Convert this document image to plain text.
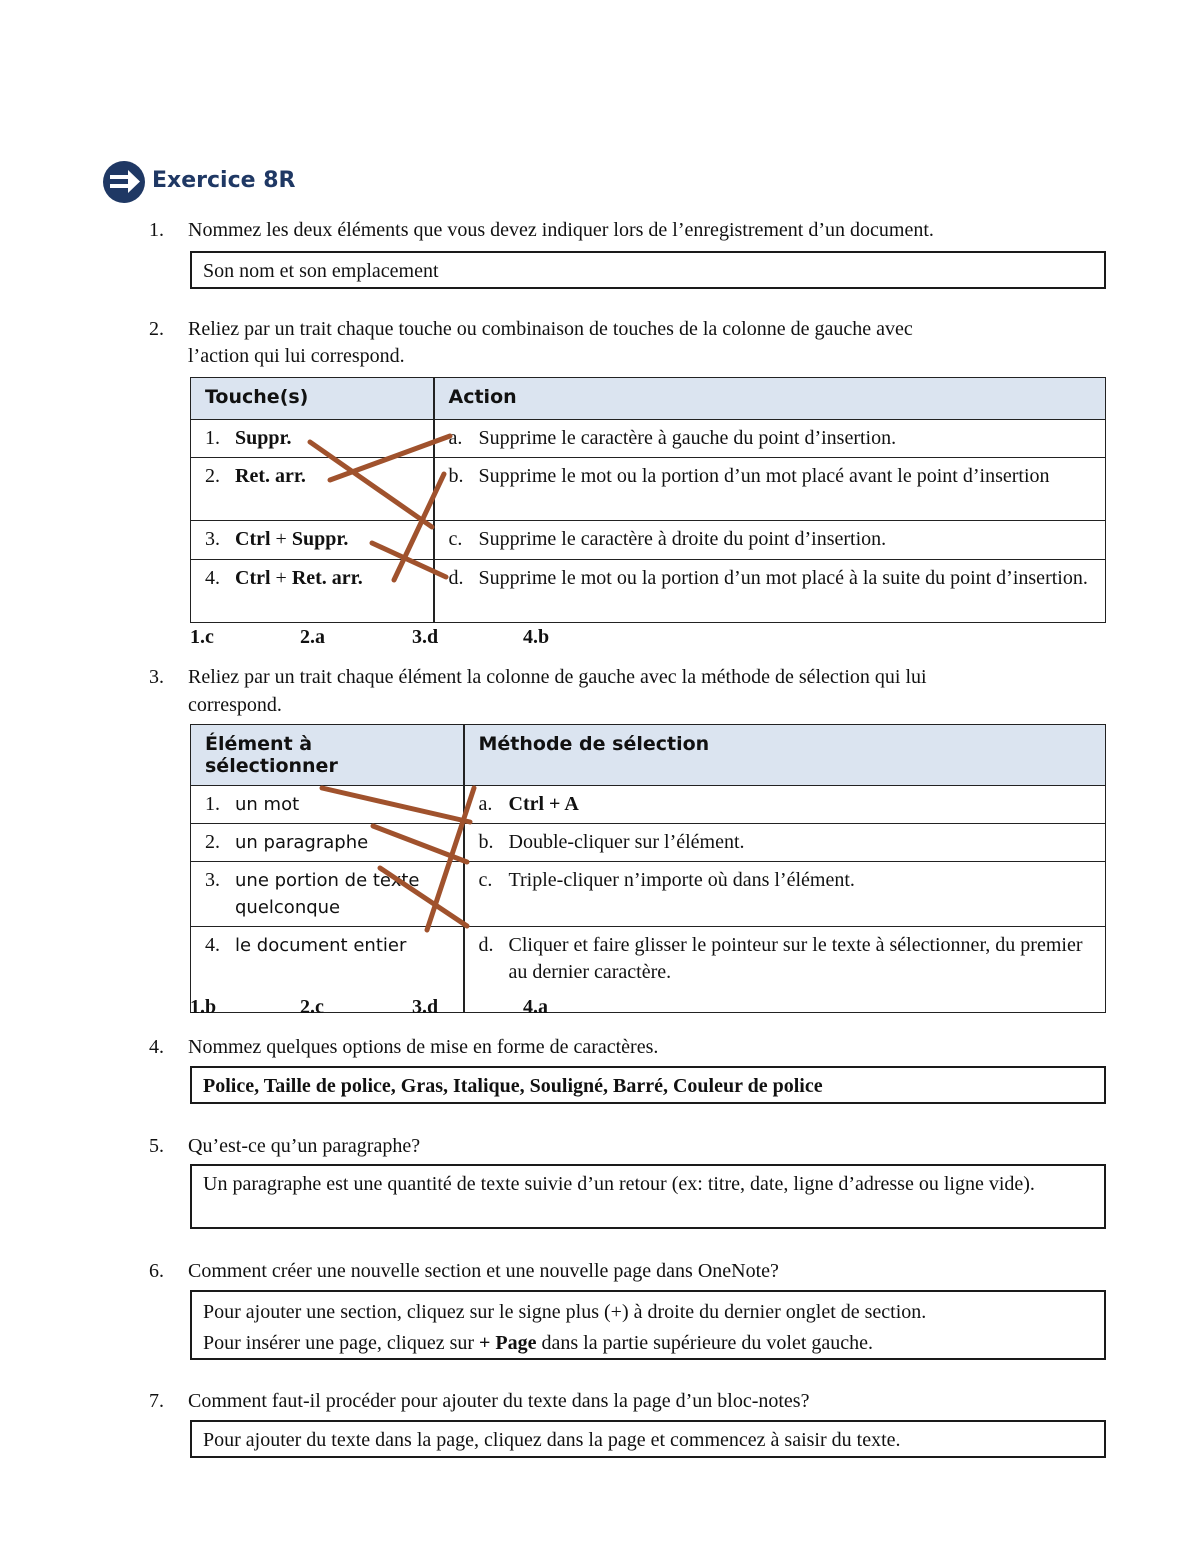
Exercice 8R
1. Nommez les deux éléments que vous devez indiquer lors de l’enregistrement d’un document.
Son nom et son emplacement
2. Reliez par un trait chaque touche ou combinaison de touches de la colonne de gauche avec
l’action qui lui correspond.
Touche(s)	Action

1. Suppr.	a. Supprime le caractère à gauche du point d’insertion.

2. Ret. arr.	b. Supprime le mot ou la portion d’un mot placé avant le point d’insertion

3. Ctrl + Suppr.	c. Supprime le caractère à droite du point d’insertion.

4. Ctrl + Ret. arr.	d. Supprime le mot ou la portion d’un mot placé à la suite du point d’insertion.
1.c	2.a	3.d	4.b
3. Reliez par un trait chaque élément la colonne de gauche avec la méthode de sélection qui lui
correspond.
Élément à sélectionner	Méthode de sélection

1. un mot	a. Ctrl + A

2. un paragraphe	b. Double-cliquer sur l’élément.

3. une portion de texte quelconque	c. Triple-cliquer n’importe où dans l’élément.

4. le document entier	d. Cliquer et faire glisser le pointeur sur le texte à sélectionner, du premier au dernier caractère.
1.b	2.c	3.d	4.a
4. Nommez quelques options de mise en forme de caractères.
Police, Taille de police, Gras, Italique, Souligné, Barré, Couleur de police
5. Qu’est-ce qu’un paragraphe?
Un paragraphe est une quantité de texte suivie d’un retour (ex: titre, date, ligne d’adresse ou ligne vide).
6. Comment créer une nouvelle section et une nouvelle page dans OneNote?
Pour ajouter une section, cliquez sur le signe plus (+) à droite du dernier onglet de section.
Pour insérer une page, cliquez sur + Page dans la partie supérieure du volet gauche.
7. Comment faut-il procéder pour ajouter du texte dans la page d’un bloc-notes?
Pour ajouter du texte dans la page, cliquez dans la page et commencez à saisir du texte.
